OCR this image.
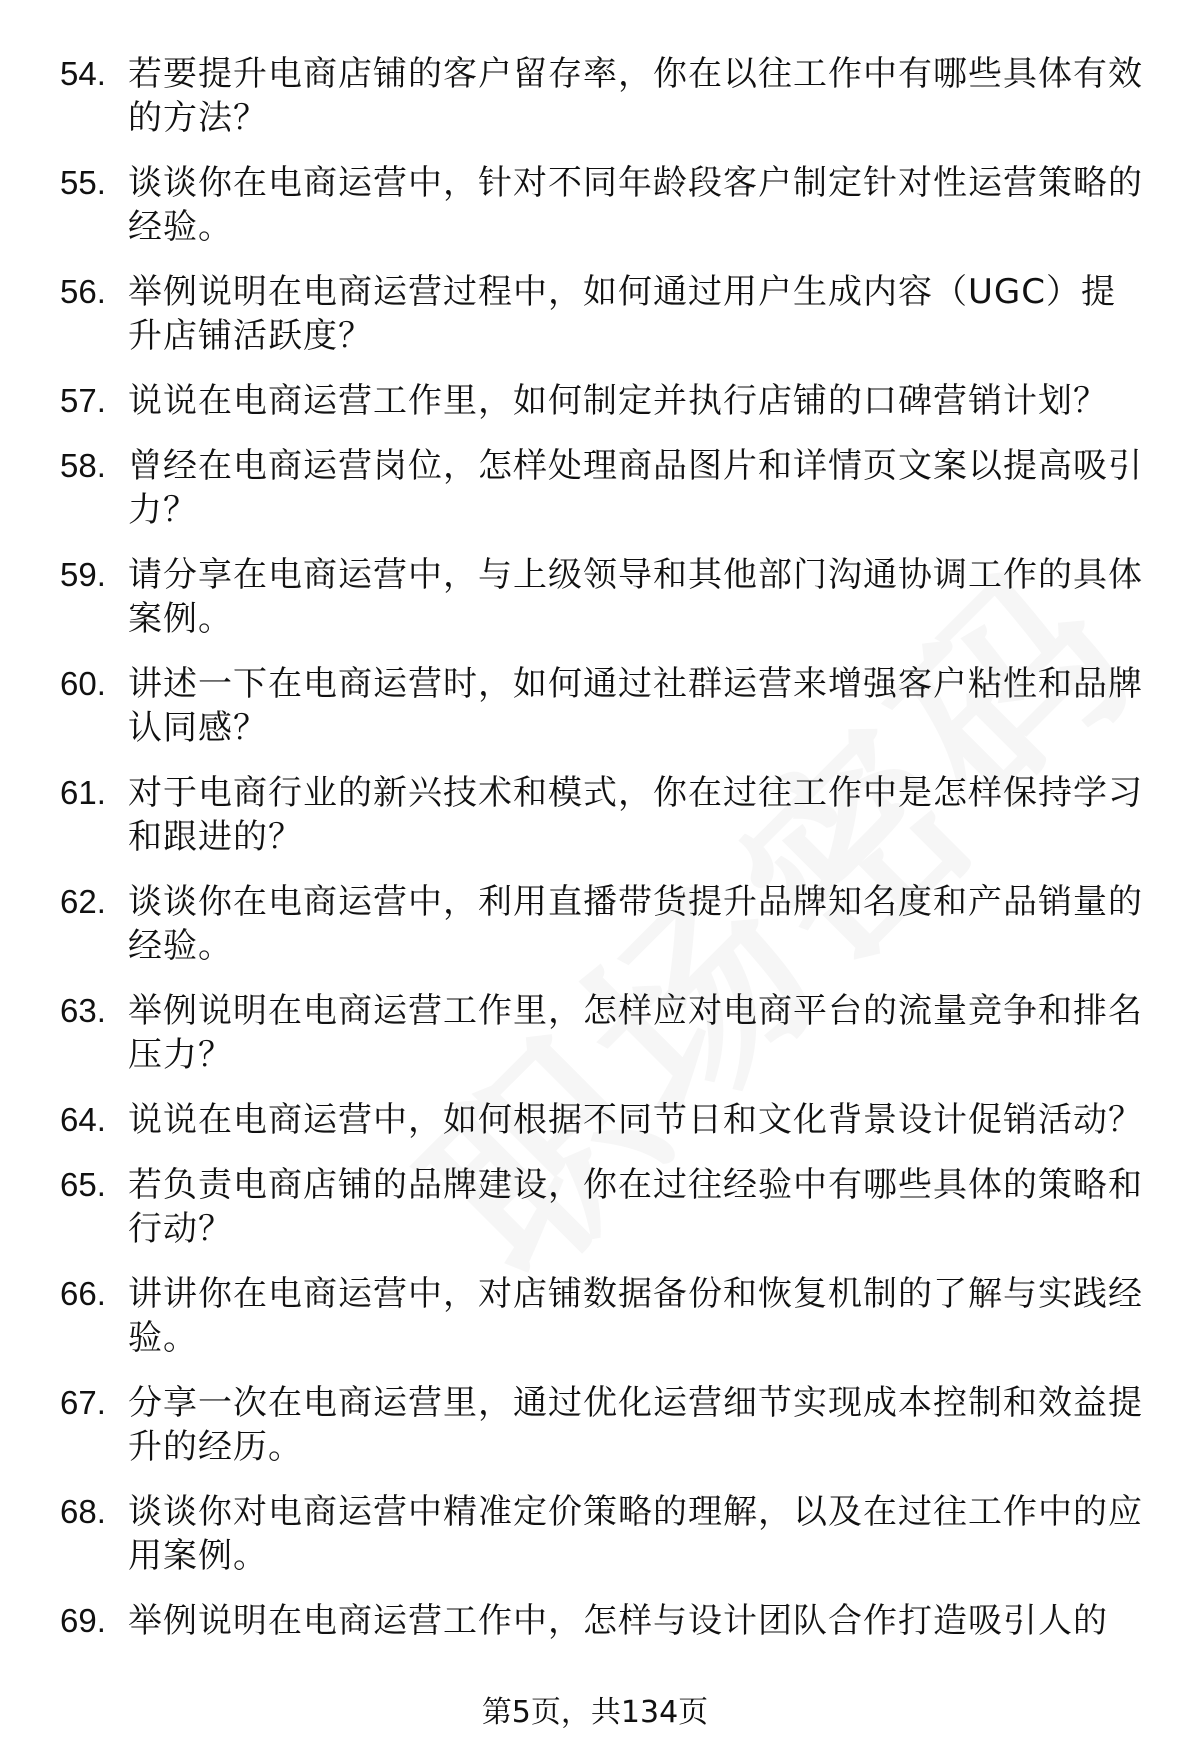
54. 若要提升电商店铺的客户留存率，你在以往工作中有哪些具体有效的方法？
55. 谈谈你在电商运营中，针对不同年龄段客户制定针对性运营策略的经验。
56. 举例说明在电商运营过程中，如何通过用户生成内容（UGC）提升店铺活跃度？
57. 说说在电商运营工作里，如何制定并执行店铺的口碑营销计划？
58. 曾经在电商运营岗位，怎样处理商品图片和详情页文案以提高吸引力？
59. 请分享在电商运营中，与上级领导和其他部门沟通协调工作的具体案例。
60. 讲述一下在电商运营时，如何通过社群运营来增强客户粘性和品牌认同感？
61. 对于电商行业的新兴技术和模式，你在过往工作中是怎样保持学习和跟进的？
62. 谈谈你在电商运营中，利用直播带货提升品牌知名度和产品销量的经验。
63. 举例说明在电商运营工作里，怎样应对电商平台的流量竞争和排名压力？
64. 说说在电商运营中，如何根据不同节日和文化背景设计促销活动？
65. 若负责电商店铺的品牌建设，你在过往经验中有哪些具体的策略和行动？
66. 讲讲你在电商运营中，对店铺数据备份和恢复机制的了解与实践经验。
67. 分享一次在电商运营里，通过优化运营细节实现成本控制和效益提升的经历。
68. 谈谈你对电商运营中精准定价策略的理解，以及在过往工作中的应用案例。
69. 举例说明在电商运营工作中，怎样与设计团队合作打造吸引人的
第5页，共134页
